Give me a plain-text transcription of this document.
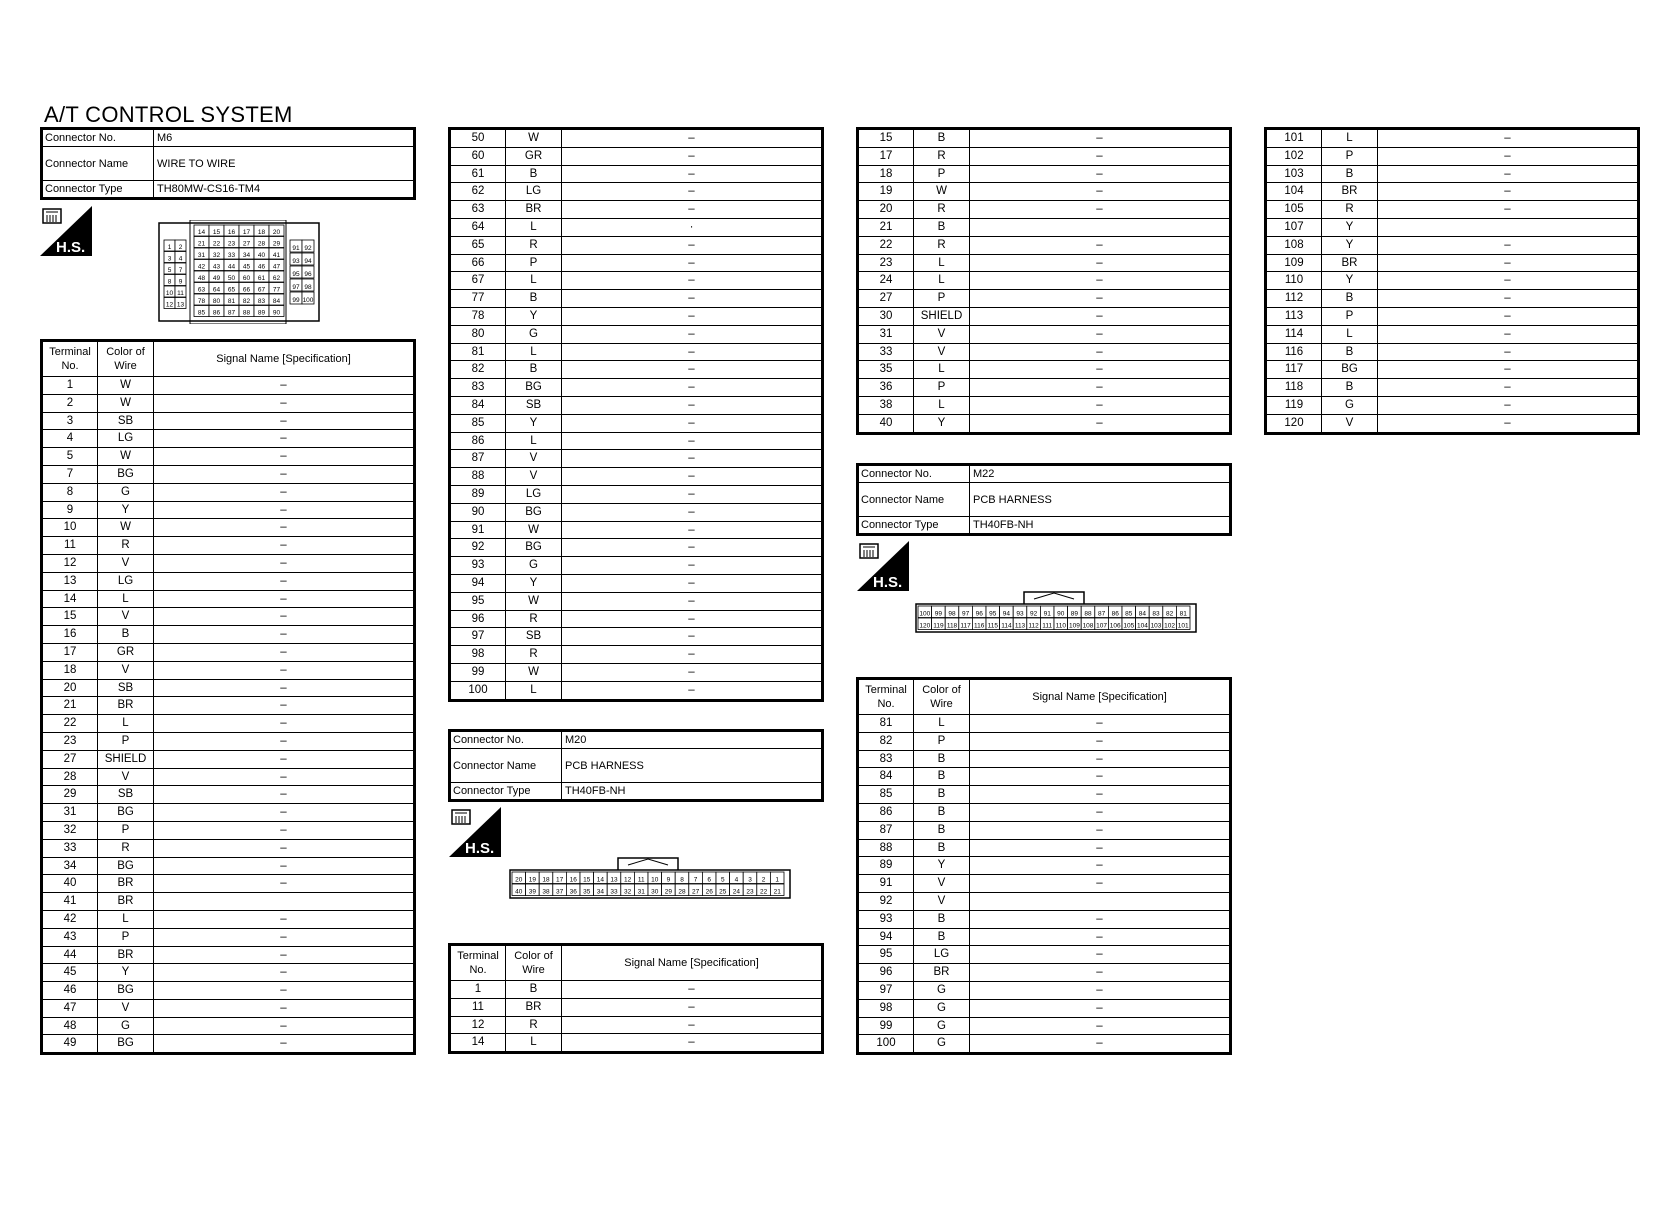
A/T CONTROL SYSTEM
Connector No.	M6
Connector Name	WIRE TO WIRE
Connector Type	TH80MW-CS16-TM4
H.S.	1 2
3 4
5 7
8 9
10 11
12 13
14 15 16 17 18 20
21 22 23 27 28 29
31 32 33 34 40 41
42 43 44 45 46 47
48 49 50 60 61 62
63 64 65 66 67 77
78 80 81 82 83 84
85 86 87 88 89 90
91 92
93 94
95 96
97 98
99 100
Terminal No.	Color of Wire	Signal Name [Specification]
1	W	–
2	W	–
3	SB	–
4	LG	–
5	W	–
7	BG	–
8	G	–
9	Y	–
10	W	–
11	R	–
12	V	–
13	LG	–
14	L	–
15	V	–
16	B	–
17	GR	–
18	V	–
20	SB	–
21	BR	–
22	L	–
23	P	–
27	SHIELD	–
28	V	–
29	SB	–
31	BG	–
32	P	–
33	R	–
34	BG	–
40	BR	–
41	BR	
42	L	–
43	P	–
44	BR	–
45	Y	–
46	BG	–
47	V	–
48	G	–
49	BG	–
50	W	–
60	GR	–
61	B	–
62	LG	–
63	BR	–
64	L	·
65	R	–
66	P	–
67	L	–
77	B	–
78	Y	–
80	G	–
81	L	–
82	B	–
83	BG	–
84	SB	–
85	Y	–
86	L	–
87	V	–
88	V	–
89	LG	–
90	BG	–
91	W	–
92	BG	–
93	G	–
94	Y	–
95	W	–
96	R	–
97	SB	–
98	R	–
99	W	–
100	L	–
Connector No.	M20
Connector Name	PCB HARNESS
Connector Type	TH40FB-NH
H.S.
20 19 18 17 16 15 14 13 12 11 10 9 8 7 6 5 4 3 2 1
40 39 38 37 36 35 34 33 32 31 30 29 28 27 26 25 24 23 22 21
Terminal No.	Color of Wire	Signal Name [Specification]
1	B	–
11	BR	–
12	R	–
14	L	–
15	B	–
17	R	–
18	P	–
19	W	–
20	R	–
21	B	
22	R	–
23	L	–
24	L	–
27	P	–
30	SHIELD	–
31	V	–
33	V	–
35	L	–
36	P	–
38	L	–
40	Y	–
Connector No.	M22
Connector Name	PCB HARNESS
Connector Type	TH40FB-NH
H.S.
100 99 98 97 96 95 94 93 92 91 90 89 88 87 86 85 84 83 82 81
120 119 118 117 116 115 114 113 112 111 110 109 108 107 106 105 104 103 102 101
Terminal No.	Color of Wire	Signal Name [Specification]
81	L	–
82	P	–
83	B	–
84	B	–
85	B	–
86	B	–
87	B	–
88	B	–
89	Y	–
91	V	–
92	V	
93	B	–
94	B	–
95	LG	–
96	BR	–
97	G	–
98	G	–
99	G	–
100	G	–
101	L	–
102	P	–
103	B	–
104	BR	–
105	R	–
107	Y	
108	Y	–
109	BR	–
110	Y	–
112	B	–
113	P	–
114	L	–
116	B	–
117	BG	–
118	B	–
119	G	–
120	V	–
